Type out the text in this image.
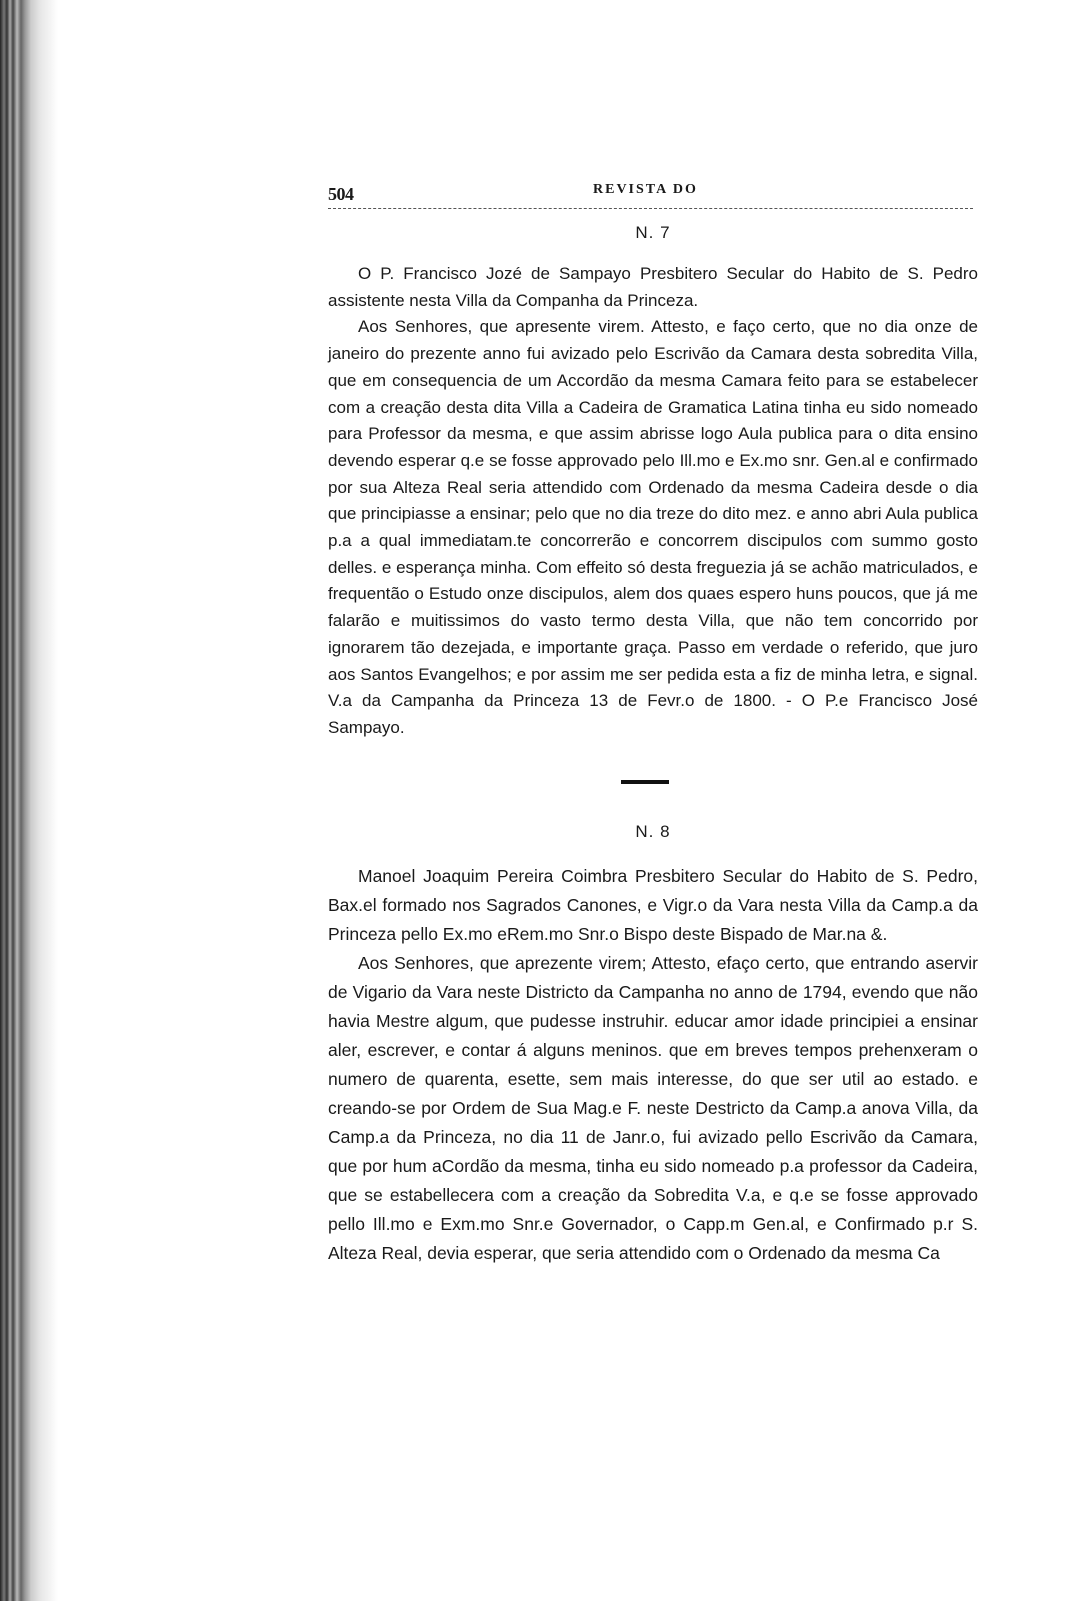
504	REVISTA DO
N. 7

O P. Francisco Jozé de Sampayo Presbitero Secular do Habito de S. Pedro assistente nesta Villa da Companha da Princeza.

Aos Senhores, que apresente virem. Attesto, e faço certo, que no dia onze de janeiro do prezente anno fui avizado pelo Escrivão da Camara desta sobredita Villa, que em consequencia de um Accordão da mesma Camara feito para se estabelecer com a creação desta dita Villa a Cadeira de Gramatica Latina tinha eu sido nomeado para Professor da mesma, e que assim abrisse logo Aula publica para o dita ensino devendo esperar q.e se fosse approvado pelo Ill.mo e Ex.mo snr. Gen.al e confirmado por sua Alteza Real seria attendido com Ordenado da mesma Cadeira desde o dia que principiasse a ensinar; pelo que no dia treze do dito mez. e anno abri Aula publica p.a a qual immediatam.te concorrerão e concorrem discipulos com summo gosto delles. e esperança minha. Com effeito só desta freguezia já se achão matriculados, e frequentão o Estudo onze discipulos, alem dos quaes espero huns poucos, que já me falarão e muitissimos do vasto termo desta Villa, que não tem concorrido por ignorarem tão dezejada, e importante graça. Passo em verdade o referido, que juro aos Santos Evangelhos; e por assim me ser pedida esta a fiz de minha letra, e signal. V.a da Campanha da Princeza 13 de Fevr.o de 1800. - O P.e Francisco José Sampayo.

N. 8

Manoel Joaquim Pereira Coimbra Presbitero Secular do Habito de S. Pedro, Bax.el formado nos Sagrados Canones, e Vigr.o da Vara nesta Villa da Camp.a da Princeza pello Ex.mo eRem.mo Snr.o Bispo deste Bispado de Mar.na &.

Aos Senhores, que aprezente virem; Attesto, efaço certo, que entrando aservir de Vigario da Vara neste Districto da Campanha no anno de 1794, evendo que não havia Mestre algum, que pudesse instruhir. educar amor idade principiei a ensinar aler, escrever, e contar á alguns meninos. que em breves tempos prehenxeram o numero de quarenta, esette, sem mais interesse, do que ser util ao estado. e creando-se por Ordem de Sua Mag.e F. neste Destricto da Camp.a anova Villa, da Camp.a da Princeza, no dia 11 de Janr.o, fui avizado pello Escrivão da Camara, que por hum aCordão da mesma, tinha eu sido nomeado p.a professor da Cadeira, que se estabellecera com a creação da Sobredita V.a, e q.e se fosse approvado pello Ill.mo e Exm.mo Snr.e Governador, o Capp.m Gen.al, e Confirmado p.r S. Alteza Real, devia esperar, que seria attendido com o Ordenado da mesma Ca
